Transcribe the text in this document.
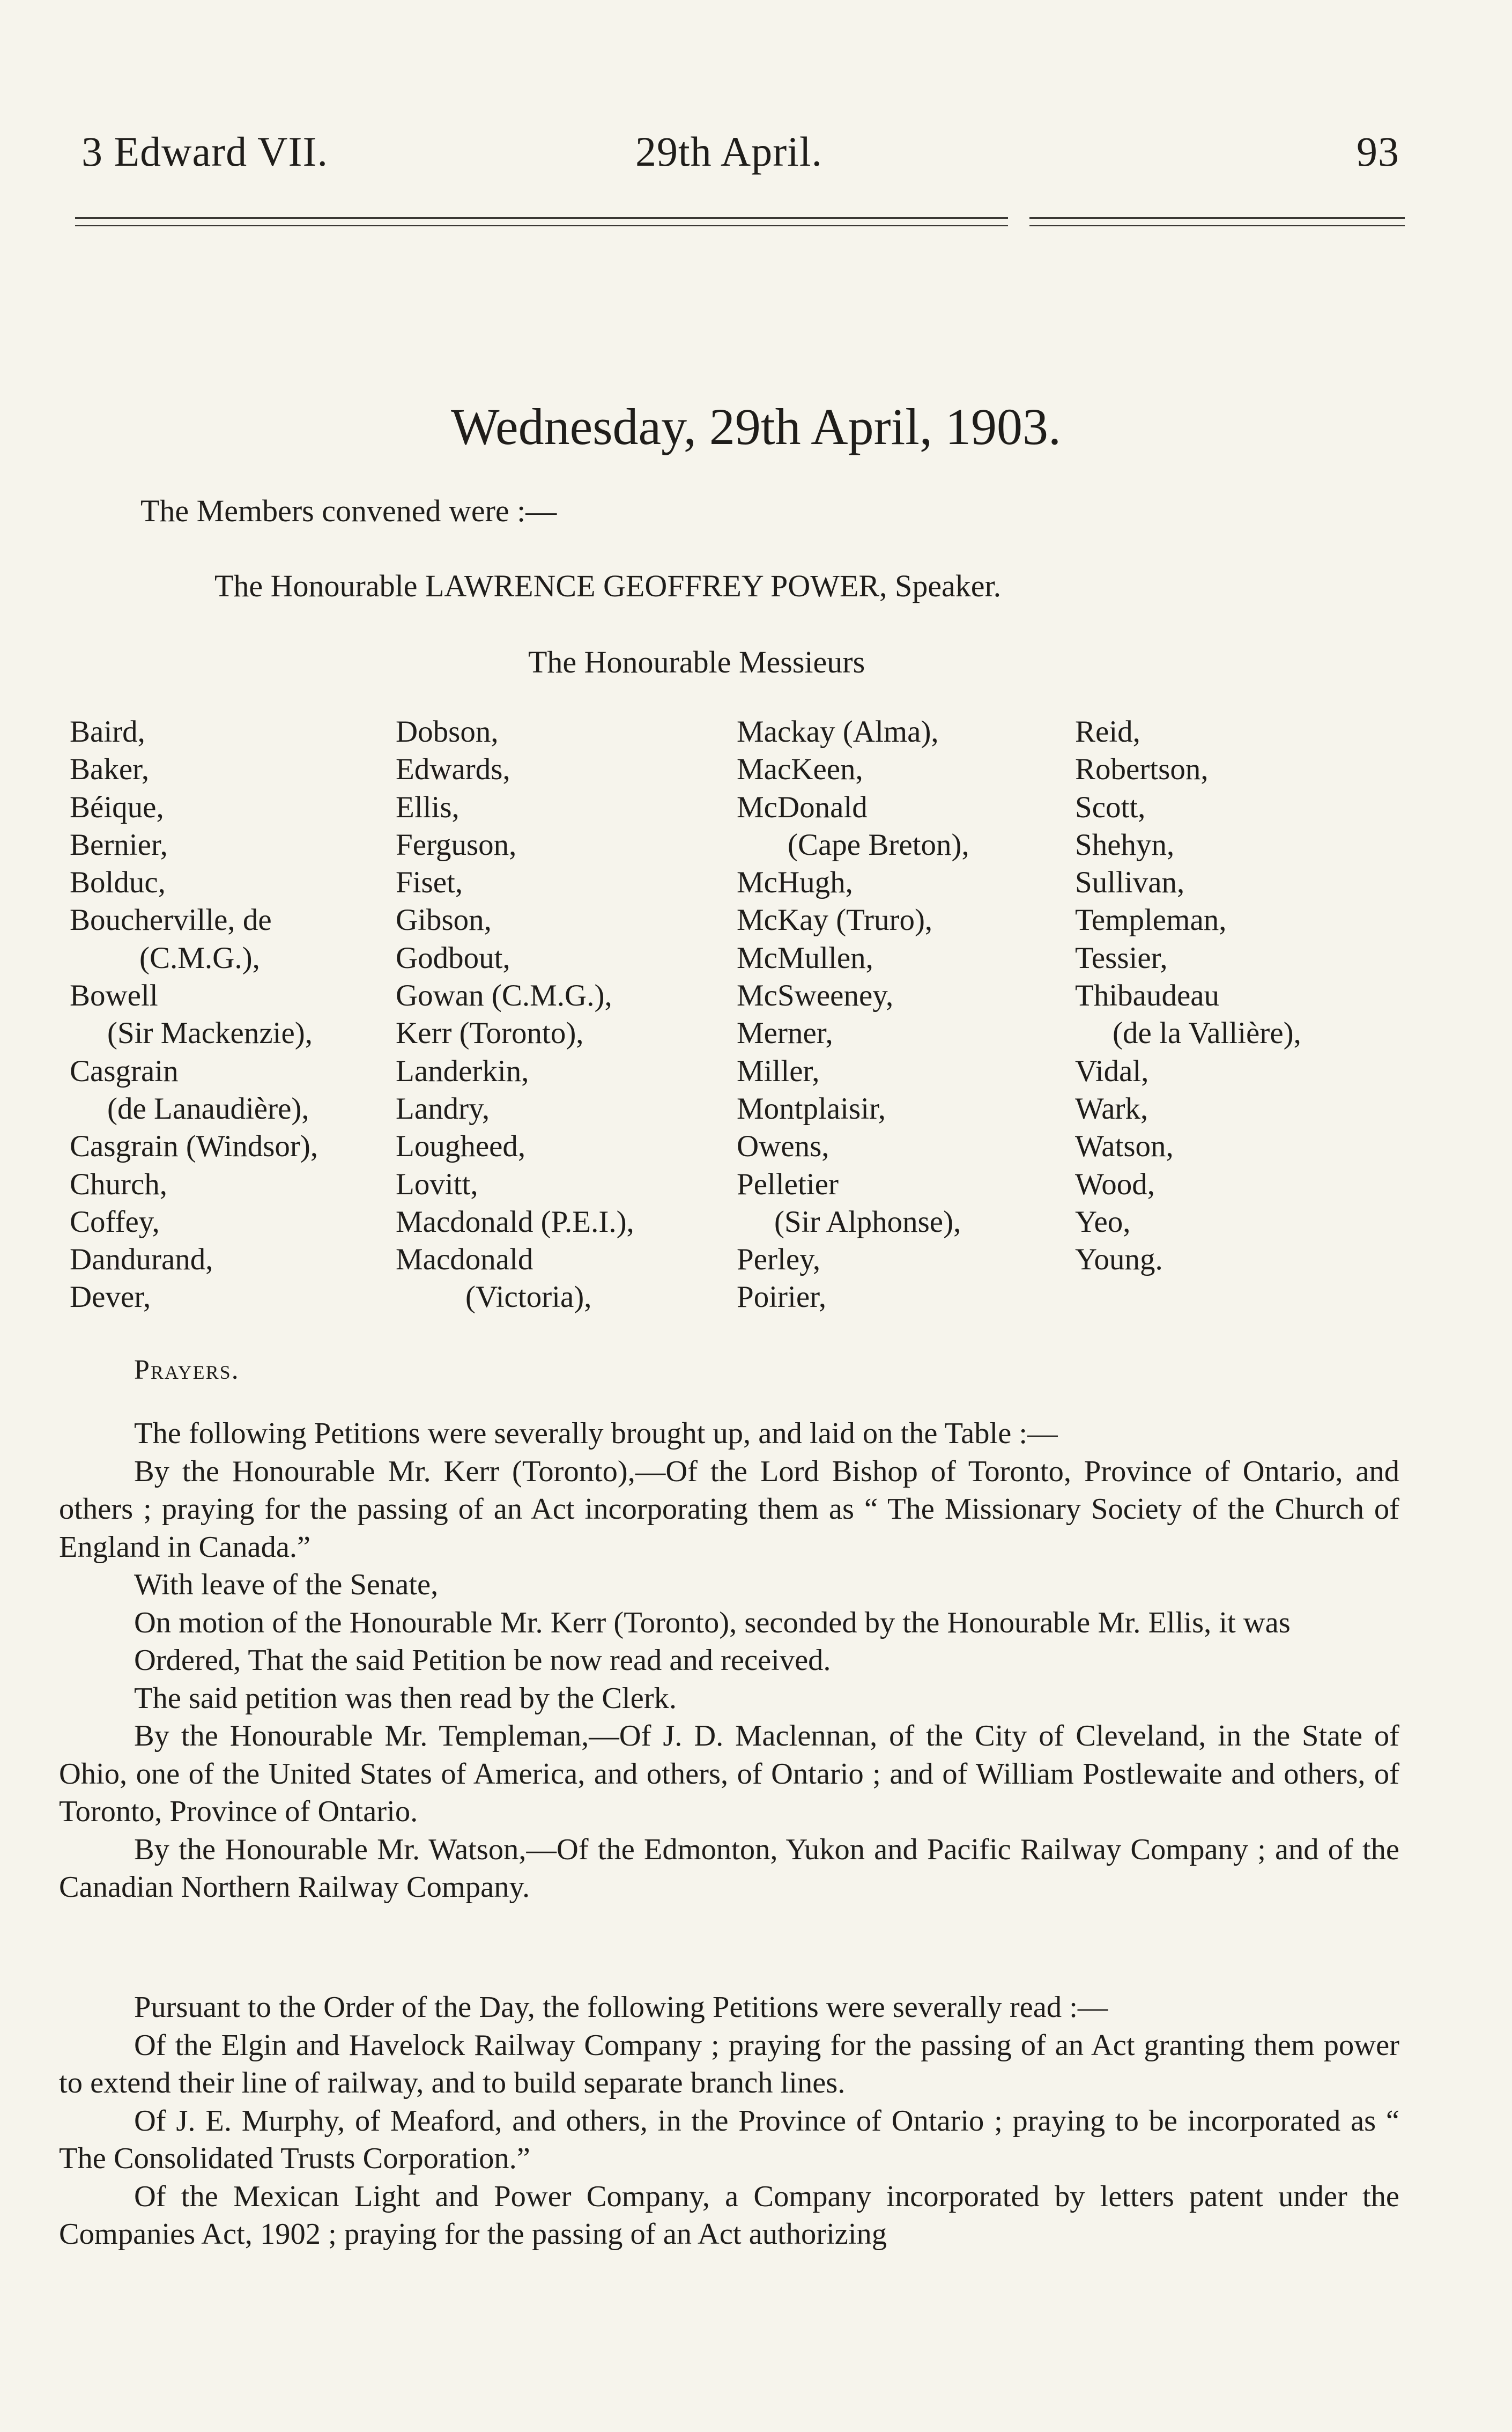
3 Edward VII.	29th April.	93
Wednesday, 29th April, 1903.
The Members convened were :—
The Honourable LAWRENCE GEOFFREY POWER, Speaker.
The Honourable Messieurs
Baird,
Baker,
Béique,
Bernier,
Bolduc,
Boucherville, de
(C.M.G.),
Bowell
(Sir Mackenzie),
Casgrain
(de Lanaudière),
Casgrain (Windsor),
Church,
Coffey,
Dandurand,
Dever,
Dobson,
Edwards,
Ellis,
Ferguson,
Fiset,
Gibson,
Godbout,
Gowan (C.M.G.),
Kerr (Toronto),
Landerkin,
Landry,
Lougheed,
Lovitt,
Macdonald (P.E.I.),
Macdonald
(Victoria),
Mackay (Alma),
MacKeen,
McDonald
(Cape Breton),
McHugh,
McKay (Truro),
McMullen,
McSweeney,
Merner,
Miller,
Montplaisir,
Owens,
Pelletier
(Sir Alphonse),
Perley,
Poirier,
Reid,
Robertson,
Scott,
Shehyn,
Sullivan,
Templeman,
Tessier,
Thibaudeau
(de la Vallière),
Vidal,
Wark,
Watson,
Wood,
Yeo,
Young.
Prayers.

The following Petitions were severally brought up, and laid on the Table :—

By the Honourable Mr. Kerr (Toronto),—Of the Lord Bishop of Toronto, Province of Ontario, and others ; praying for the passing of an Act incorporating them as “ The Missionary Society of the Church of England in Canada.”

With leave of the Senate,

On motion of the Honourable Mr. Kerr (Toronto), seconded by the Honourable Mr. Ellis, it was

Ordered, That the said Petition be now read and received.

The said petition was then read by the Clerk.

By the Honourable Mr. Templeman,—Of J. D. Maclennan, of the City of Cleveland, in the State of Ohio, one of the United States of America, and others, of Ontario ; and of William Postlewaite and others, of Toronto, Province of Ontario.

By the Honourable Mr. Watson,—Of the Edmonton, Yukon and Pacific Railway Company ; and of the Canadian Northern Railway Company.

Pursuant to the Order of the Day, the following Petitions were severally read :—

Of the Elgin and Havelock Railway Company ; praying for the passing of an Act granting them power to extend their line of railway, and to build separate branch lines.

Of J. E. Murphy, of Meaford, and others, in the Province of Ontario ; praying to be incorporated as “ The Consolidated Trusts Corporation.”

Of the Mexican Light and Power Company, a Company incorporated by letters patent under the Companies Act, 1902 ; praying for the passing of an Act authorizing
